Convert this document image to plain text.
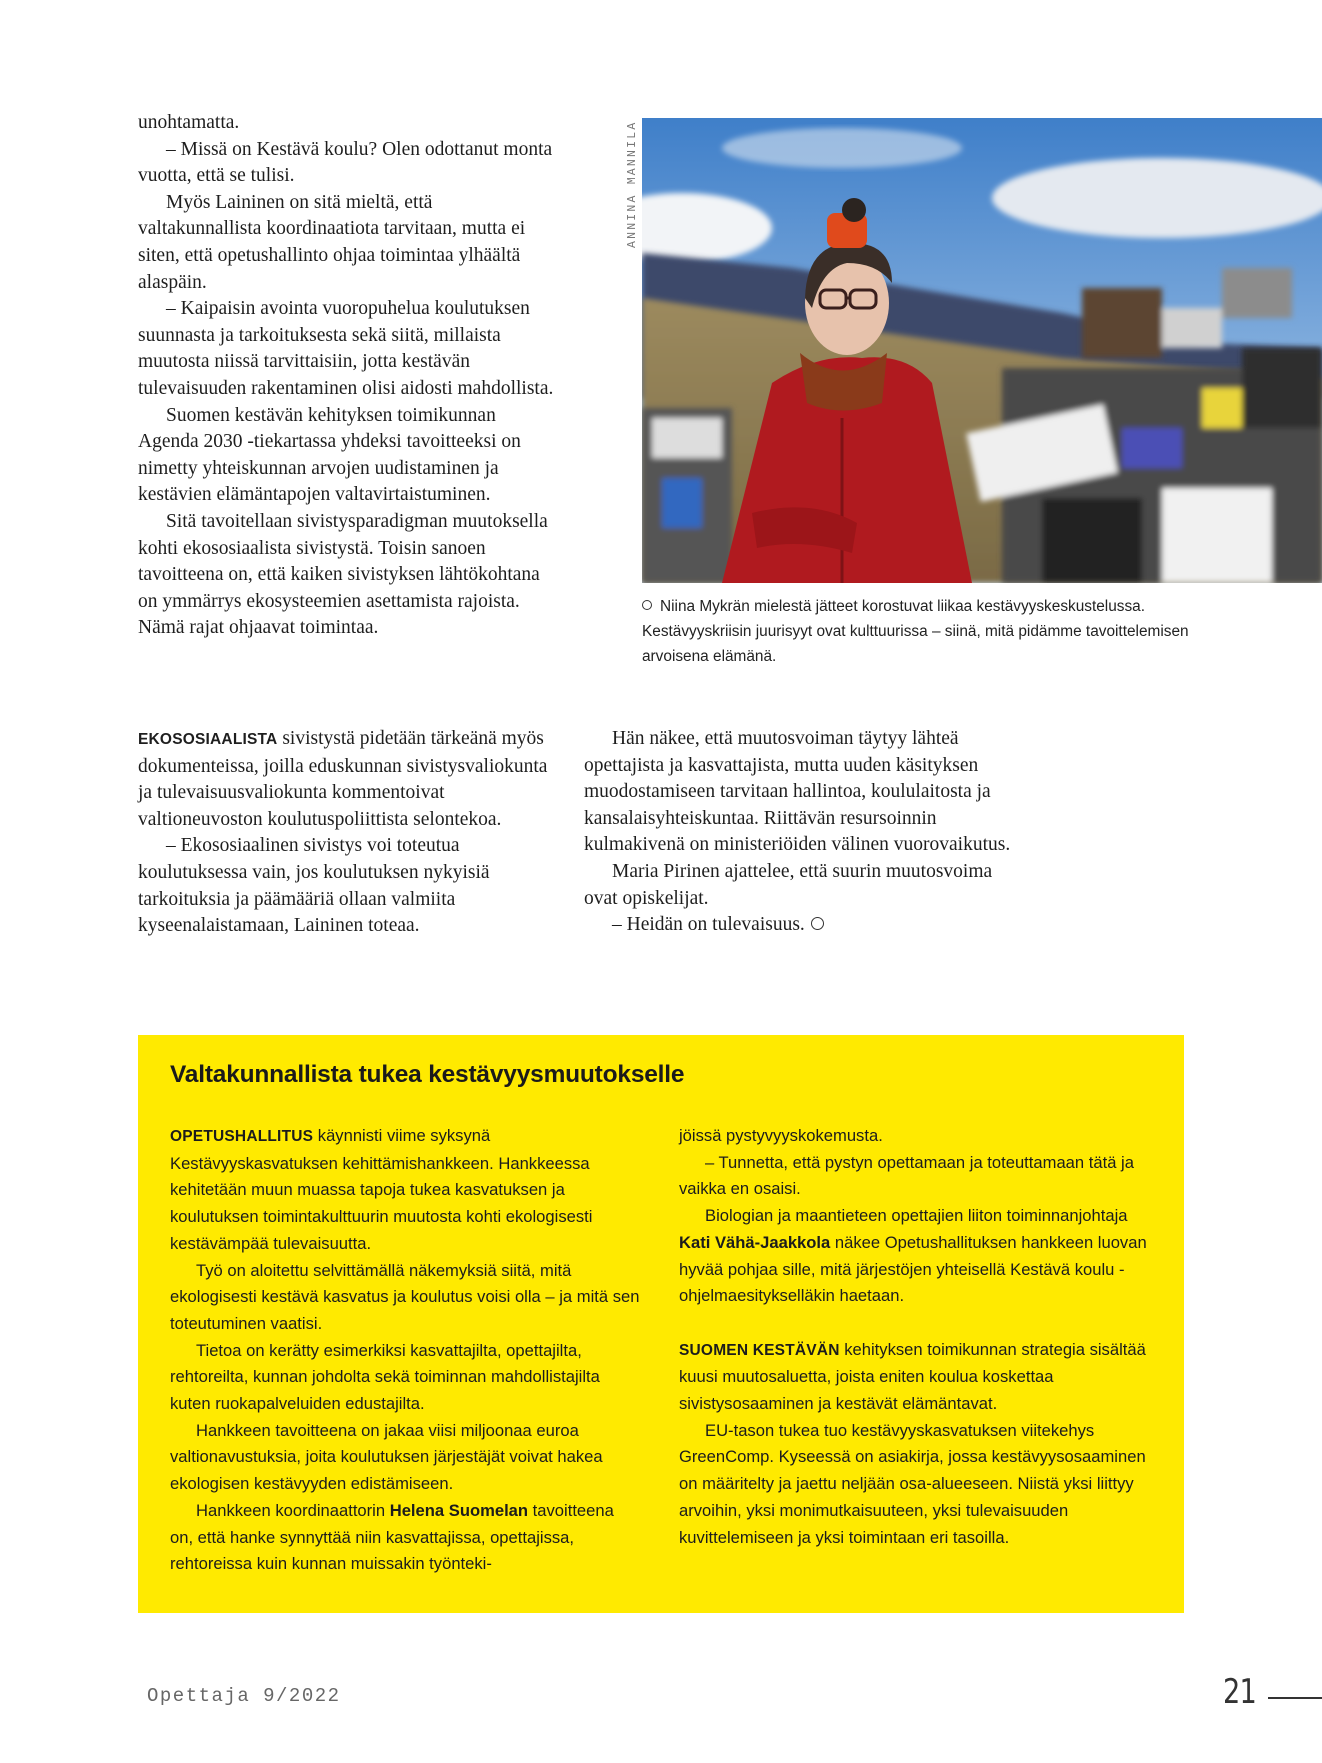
unohtamatta.

– Missä on Kestävä koulu? Olen odottanut monta vuotta, että se tulisi.

Myös Laininen on sitä mieltä, että valtakunnallista koordinaatiota tarvitaan, mutta ei siten, että opetushallinto ohjaa toimintaa ylhäältä alaspäin.

– Kaipaisin avointa vuoropuhelua koulutuksen suunnasta ja tarkoituksesta sekä siitä, millaista muutosta niissä tarvittaisiin, jotta kestävän tulevaisuuden rakentaminen olisi aidosti mahdollista.

Suomen kestävän kehityksen toimikunnan Agenda 2030 -tiekartassa yhdeksi tavoitteeksi on nimetty yhteiskunnan arvojen uudistaminen ja kestävien elämäntapojen valtavirtaistuminen.

Sitä tavoitellaan sivistysparadigman muutoksella kohti ekososiaalista sivistystä. Toisin sanoen tavoitteena on, että kaiken sivistyksen lähtökohtana on ymmärrys ekosysteemien asettamista rajoista. Nämä rajat ohjaavat toimintaa.

ANNINA MANNILA
Niina Mykrän mielestä jätteet korostuvat liikaa kestävyyskeskustelussa. Kestävyyskriisin juurisyyt ovat kulttuurissa – siinä, mitä pidämme tavoittelemisen arvoisena elämänä.

EKOSOSIAALISTA sivistystä pidetään tärkeänä myös dokumenteissa, joilla eduskunnan sivistysvaliokunta ja tulevaisuusvaliokunta kommentoivat valtioneuvoston koulutuspoliittista selontekoa.

– Ekososiaalinen sivistys voi toteutua koulutuksessa vain, jos koulutuksen nykyisiä tarkoituksia ja päämääriä ollaan valmiita kyseenalaistamaan, Laininen toteaa.

Hän näkee, että muutosvoiman täytyy lähteä opettajista ja kasvattajista, mutta uuden käsityksen muodostamiseen tarvitaan hallintoa, koululaitosta ja kansalaisyhteiskuntaa. Riittävän resursoinnin kulmakivenä on ministeriöiden välinen vuorovaikutus.

Maria Pirinen ajattelee, että suurin muutosvoima ovat opiskelijat.

– Heidän on tulevaisuus.

Valtakunnallista tukea kestävyysmuutokselle

OPETUSHALLITUS käynnisti viime syksynä Kestävyyskasvatuksen kehittämishankkeen. Hankkeessa kehitetään muun muassa tapoja tukea kasvatuksen ja koulutuksen toimintakulttuurin muutosta kohti ekologisesti kestävämpää tulevaisuutta.

Työ on aloitettu selvittämällä näkemyksiä siitä, mitä ekologisesti kestävä kasvatus ja koulutus voisi olla – ja mitä sen toteutuminen vaatisi.

Tietoa on kerätty esimerkiksi kasvattajilta, opettajilta, rehtoreilta, kunnan johdolta sekä toiminnan mahdollistajilta kuten ruokapalveluiden edustajilta.

Hankkeen tavoitteena on jakaa viisi miljoonaa euroa valtionavustuksia, joita koulutuksen järjestäjät voivat hakea ekologisen kestävyyden edistämiseen.

Hankkeen koordinaattorin Helena Suomelan tavoitteena on, että hanke synnyttää niin kasvattajissa, opettajissa, rehtoreissa kuin kunnan muissakin työnteki-

jöissä pystyvyyskokemusta.

– Tunnetta, että pystyn opettamaan ja toteuttamaan tätä ja vaikka en osaisi.

Biologian ja maantieteen opettajien liiton toiminnanjohtaja Kati Vähä-Jaakkola näkee Opetushallituksen hankkeen luovan hyvää pohjaa sille, mitä järjestöjen yhteisellä Kestävä koulu -ohjelmaesitykselläkin haetaan.

SUOMEN KESTÄVÄN kehityksen toimikunnan strategia sisältää kuusi muutosaluetta, joista eniten koulua koskettaa sivistysosaaminen ja kestävät elämäntavat.

EU-tason tukea tuo kestävyyskasvatuksen viitekehys GreenComp. Kyseessä on asiakirja, jossa kestävyysosaaminen on määritelty ja jaettu neljään osa-alueeseen. Niistä yksi liittyy arvoihin, yksi monimutkaisuuteen, yksi tulevaisuuden kuvittelemiseen ja yksi toimintaan eri tasoilla.

Opettaja 9/2022	21
